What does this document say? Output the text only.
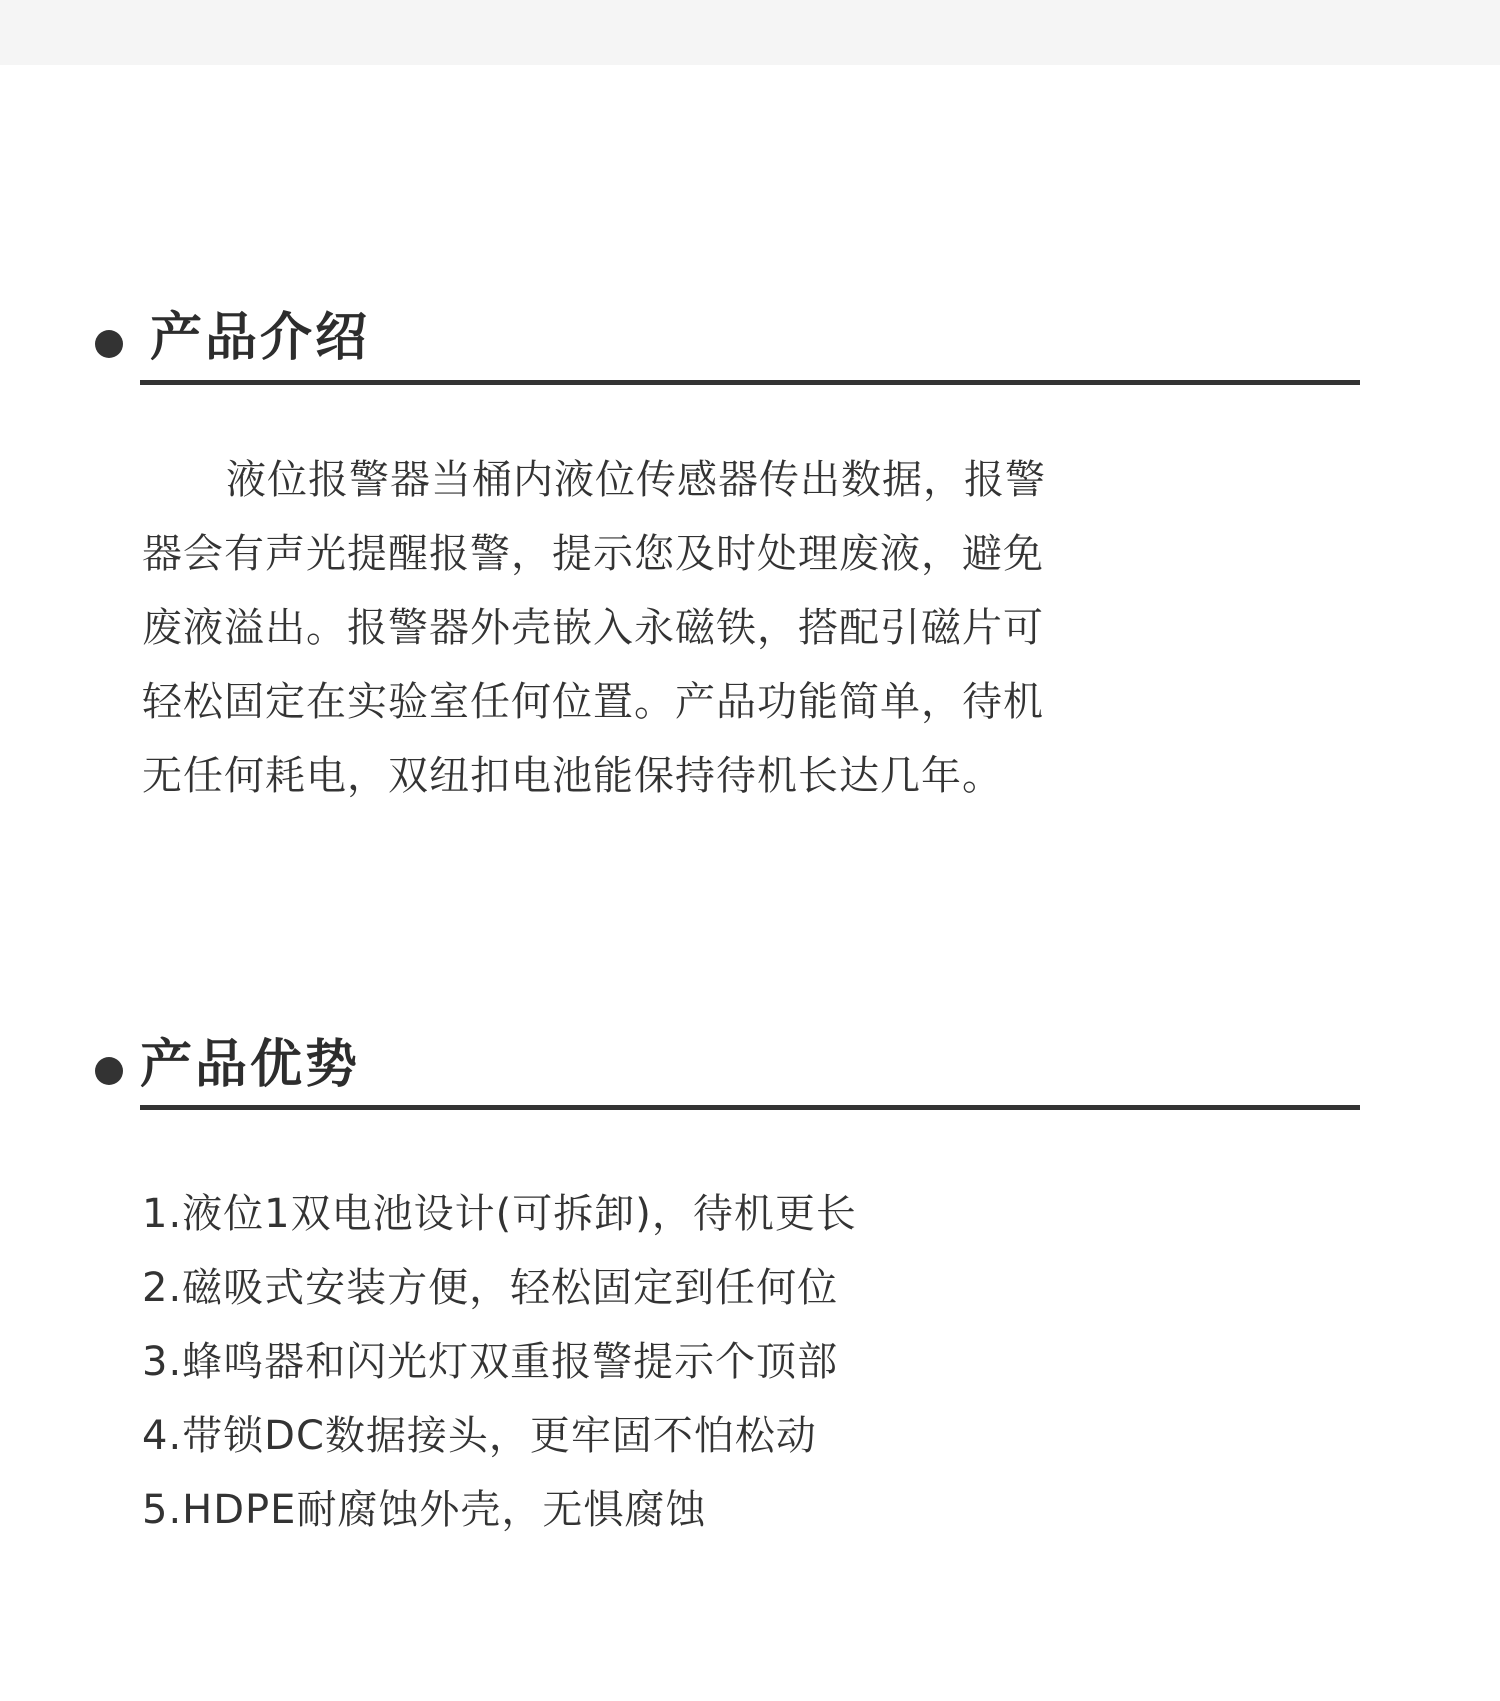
产品介绍

液位报警器当桶内液位传感器传出数据，报警器会有声光提醒报警，提示您及时处理废液，避免废液溢出。报警器外壳嵌入永磁铁，搭配引磁片可轻松固定在实验室任何位置。产品功能简单，待机无任何耗电，双纽扣电池能保持待机长达几年。

产品优势
1.液位1双电池设计(可拆卸)，待机更长
2.磁吸式安装方便，轻松固定到任何位
3.蜂鸣器和闪光灯双重报警提示个顶部
4.带锁DC数据接头，更牢固不怕松动
5.HDPE耐腐蚀外壳，无惧腐蚀
